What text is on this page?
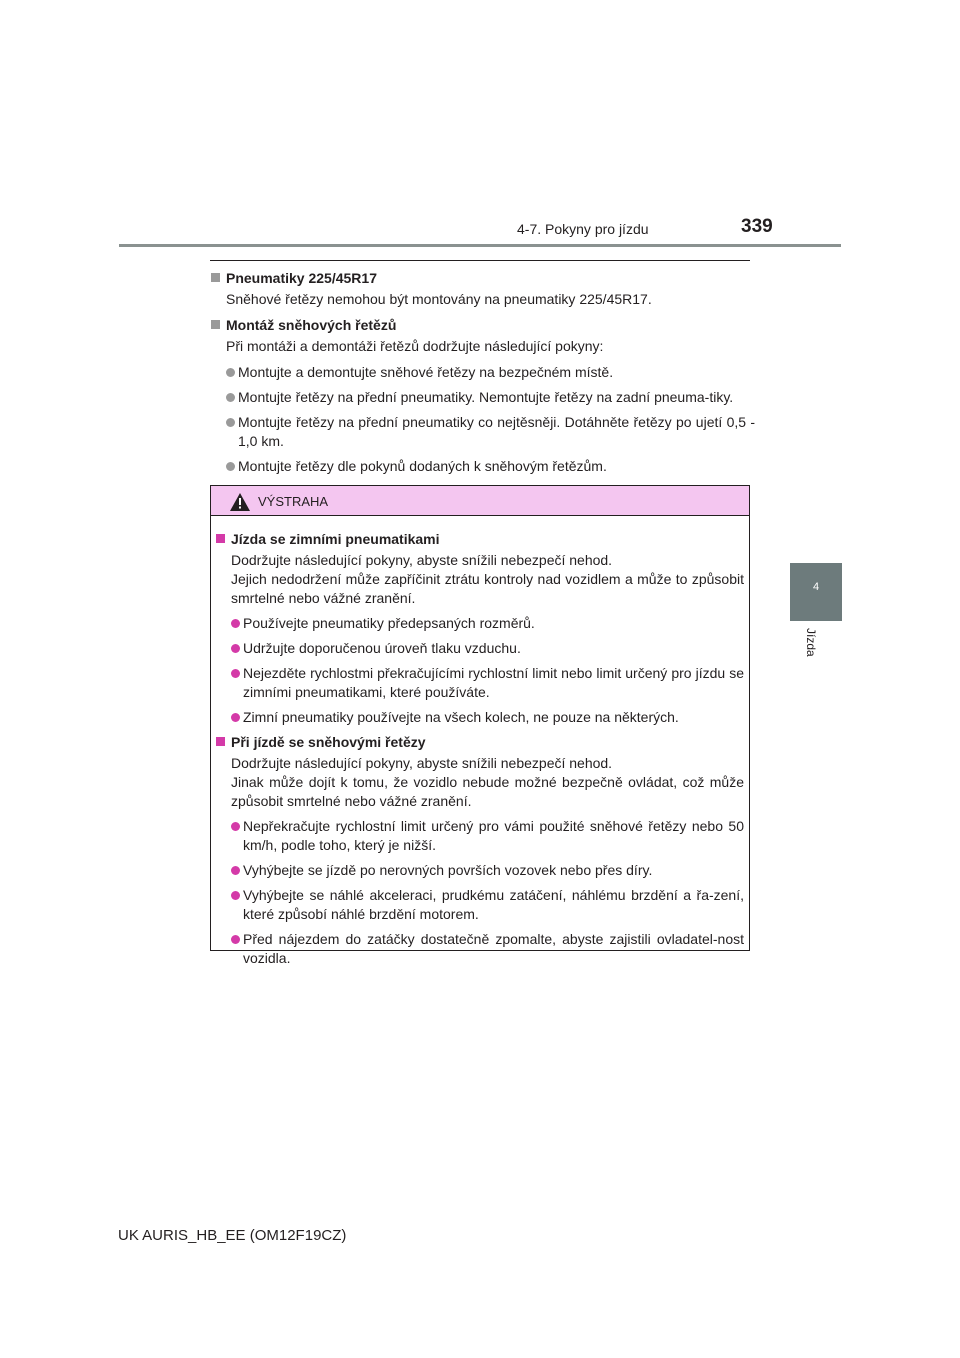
4-7. Pokyny pro jízdu	339
4
Jízda
Pneumatiky 225/45R17
Sněhové řetězy nemohou být montovány na pneumatiky 225/45R17.
Montáž sněhových řetězů
Při montáži a demontáži řetězů dodržujte následující pokyny:
Montujte a demontujte sněhové řetězy na bezpečném místě.
Montujte řetězy na přední pneumatiky. Nemontujte řetězy na zadní pneuma-tiky.
Montujte řetězy na přední pneumatiky co nejtěsněji. Dotáhněte řetězy po ujetí 0,5 - 1,0 km.
Montujte řetězy dle pokynů dodaných k sněhovým řetězům.
VÝSTRAHA
Jízda se zimními pneumatikami
Dodržujte následující pokyny, abyste snížili nebezpečí nehod.
Jejich nedodržení může zapříčinit ztrátu kontroly nad vozidlem a může to způsobit smrtelné nebo vážné zranění.
Používejte pneumatiky předepsaných rozměrů.
Udržujte doporučenou úroveň tlaku vzduchu.
Nejezděte rychlostmi překračujícími rychlostní limit nebo limit určený pro jízdu se zimními pneumatikami, které používáte.
Zimní pneumatiky používejte na všech kolech, ne pouze na některých.
Při jízdě se sněhovými řetězy
Dodržujte následující pokyny, abyste snížili nebezpečí nehod.
Jinak může dojít k tomu, že vozidlo nebude možné bezpečně ovládat, což může způsobit smrtelné nebo vážné zranění.
Nepřekračujte rychlostní limit určený pro vámi použité sněhové řetězy nebo 50 km/h, podle toho, který je nižší.
Vyhýbejte se jízdě po nerovných površích vozovek nebo přes díry.
Vyhýbejte se náhlé akceleraci, prudkému zatáčení, náhlému brzdění a řa-zení, které způsobí náhlé brzdění motorem.
Před nájezdem do zatáčky dostatečně zpomalte, abyste zajistili ovladatel-nost vozidla.
UK AURIS_HB_EE (OM12F19CZ)
